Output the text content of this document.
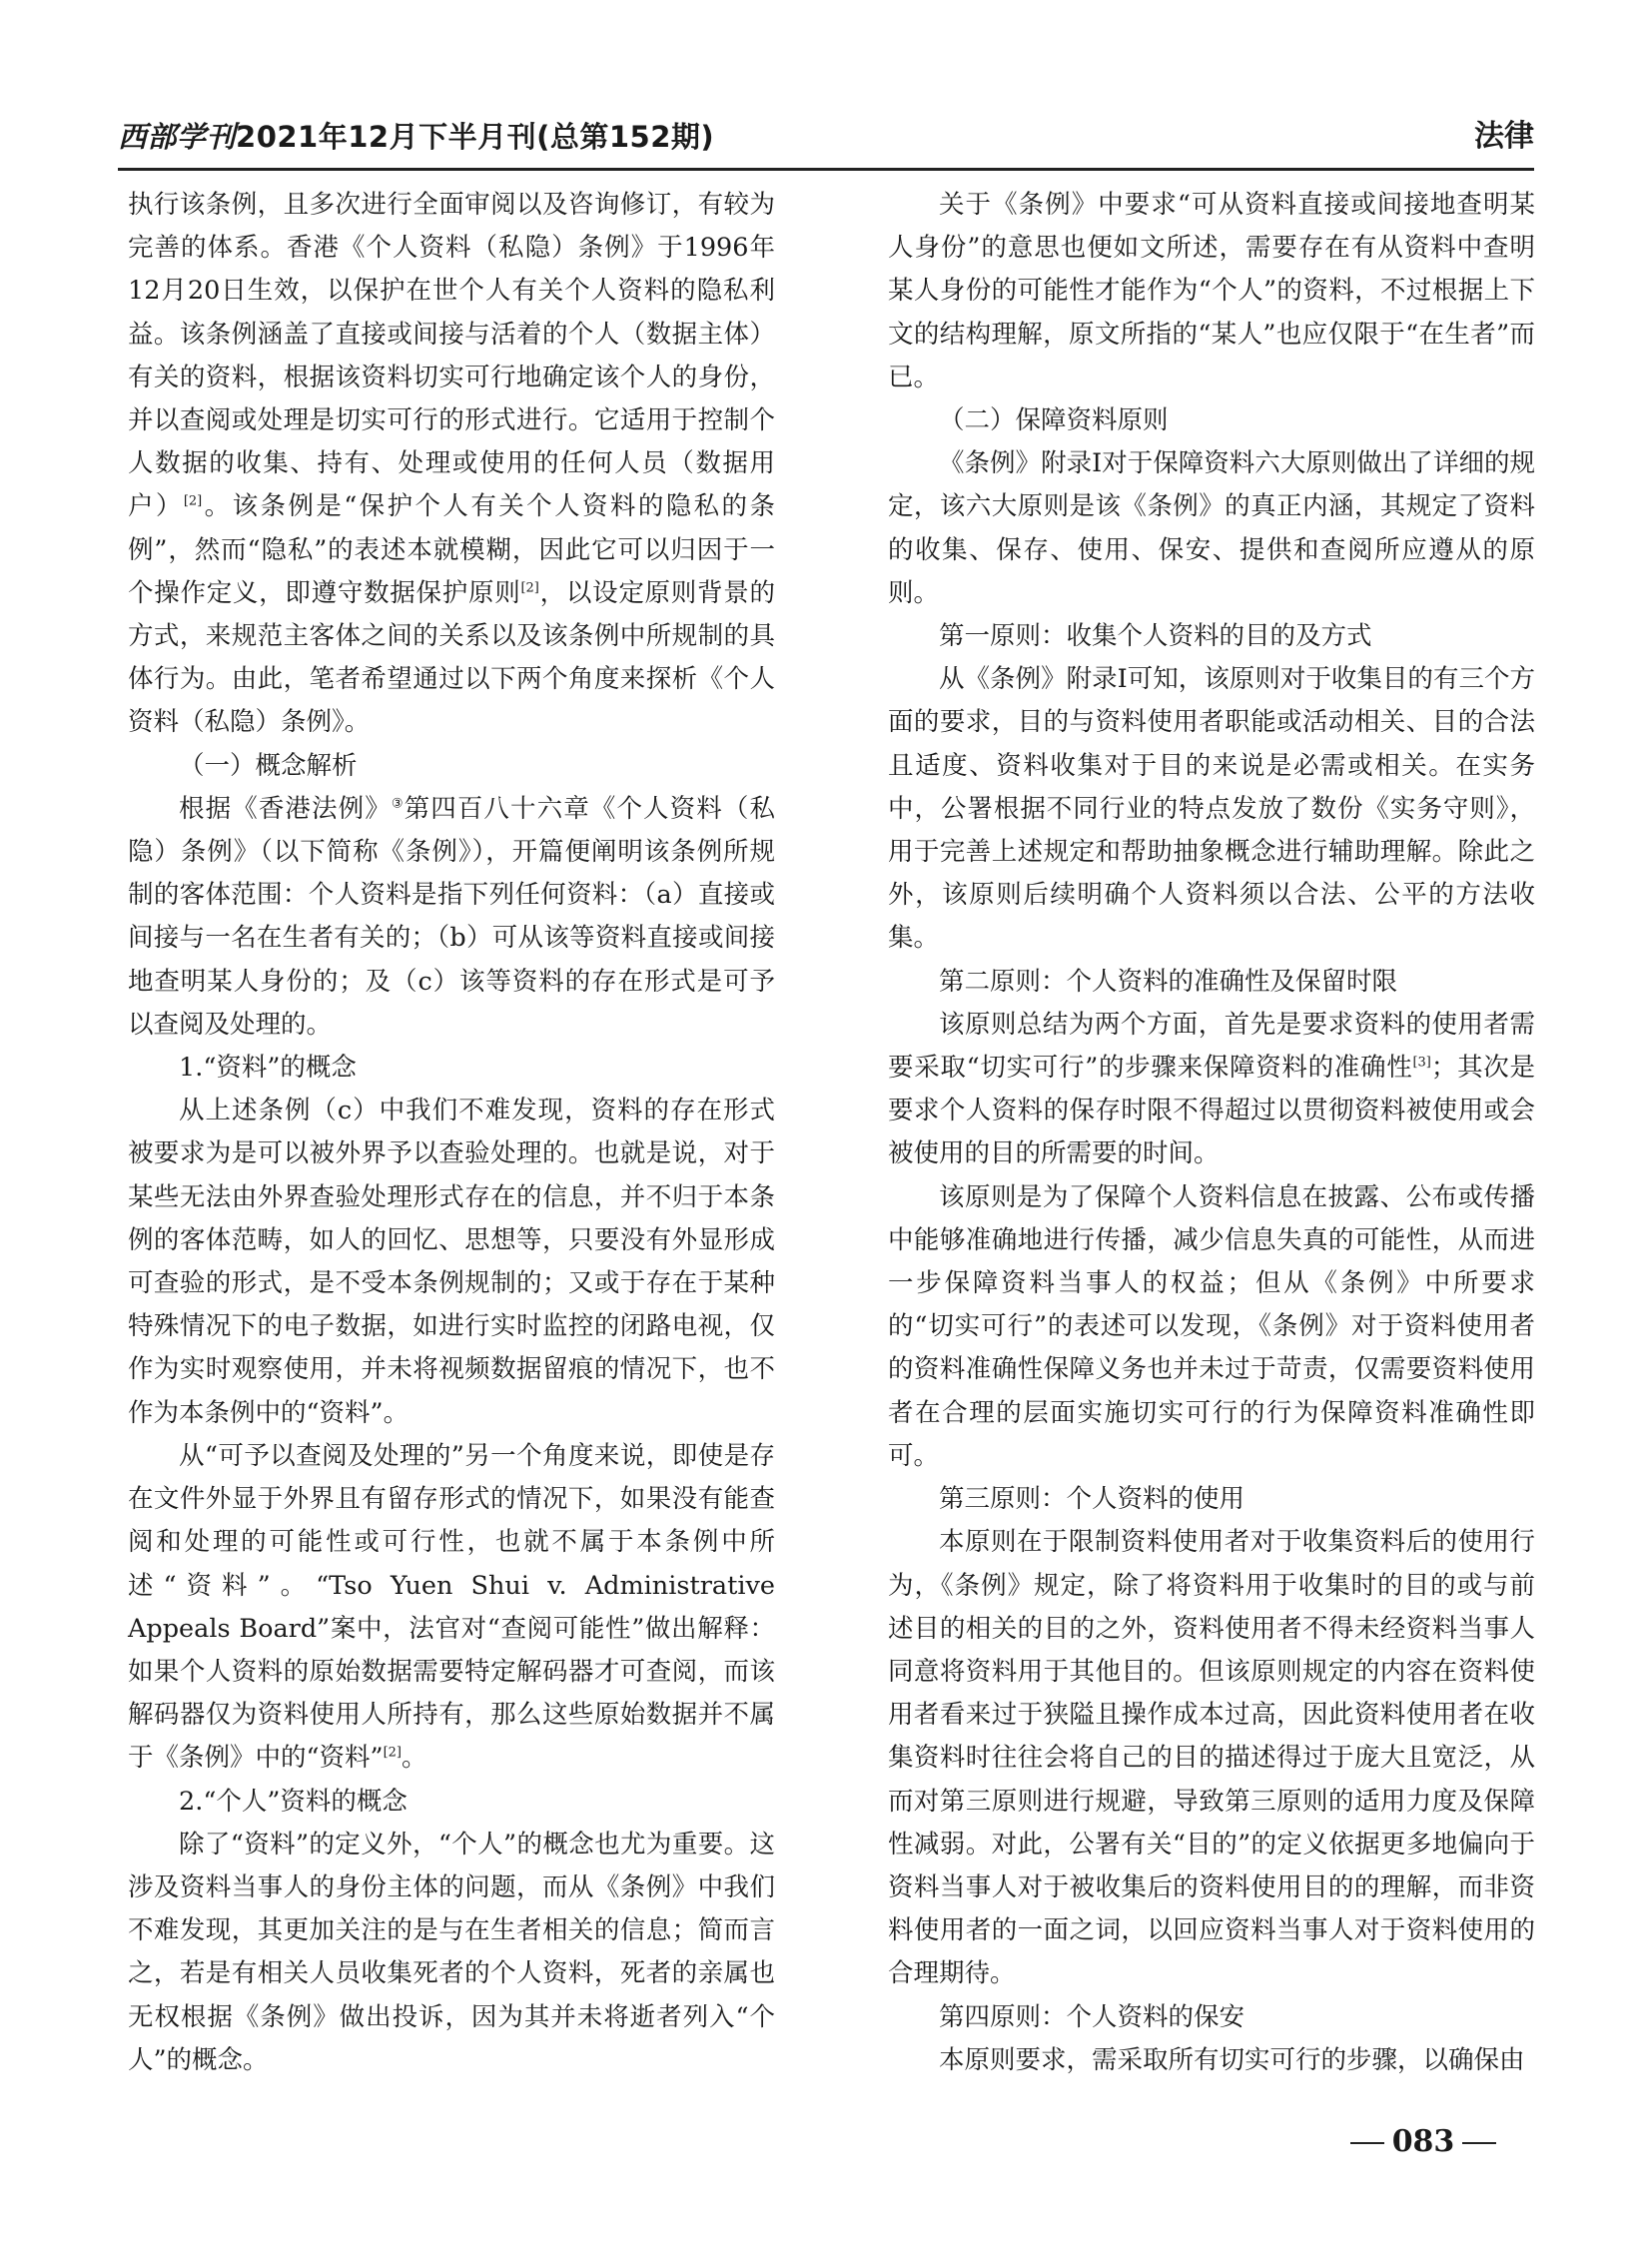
西部学刊2021年12月下半月刊(总第152期)	法律

执行该条例，且多次进行全面审阅以及咨询修订，有较为完善的体系。香港《个人资料（私隐）条例》于1996年12月20日生效，以保护在世个人有关个人资料的隐私利益。该条例涵盖了直接或间接与活着的个人（数据主体）有关的资料，根据该资料切实可行地确定该个人的身份，并以查阅或处理是切实可行的形式进行。它适用于控制个人数据的收集、持有、处理或使用的任何人员（数据用户）[2]。该条例是“保护个人有关个人资料的隐私的条例”，然而“隐私”的表述本就模糊，因此它可以归因于一个操作定义，即遵守数据保护原则[2]，以设定原则背景的方式，来规范主客体之间的关系以及该条例中所规制的具体行为。由此，笔者希望通过以下两个角度来探析《个人资料（私隐）条例》。

（一）概念解析

根据《香港法例》③第四百八十六章《个人资料（私隐）条例》（以下简称《条例》），开篇便阐明该条例所规制的客体范围：个人资料是指下列任何资料：（a）直接或间接与一名在生者有关的；（b）可从该等资料直接或间接地查明某人身份的；及（c）该等资料的存在形式是可予以查阅及处理的。

1.“资料”的概念

从上述条例（c）中我们不难发现，资料的存在形式被要求为是可以被外界予以查验处理的。也就是说，对于某些无法由外界查验处理形式存在的信息，并不归于本条例的客体范畴，如人的回忆、思想等，只要没有外显形成可查验的形式，是不受本条例规制的；又或于存在于某种特殊情况下的电子数据，如进行实时监控的闭路电视，仅作为实时观察使用，并未将视频数据留痕的情况下，也不作为本条例中的“资料”。

从“可予以查阅及处理的”另一个角度来说，即使是存在文件外显于外界且有留存形式的情况下，如果没有能查阅和处理的可能性或可行性，也就不属于本条例中所述“资料”。“Tso Yuen Shui v. Administrative Appeals Board”案中，法官对“查阅可能性”做出解释：如果个人资料的原始数据需要特定解码器才可查阅，而该解码器仅为资料使用人所持有，那么这些原始数据并不属于《条例》中的“资料”[2]。

2.“个人”资料的概念

除了“资料”的定义外，“个人”的概念也尤为重要。这涉及资料当事人的身份主体的问题，而从《条例》中我们不难发现，其更加关注的是与在生者相关的信息；简而言之，若是有相关人员收集死者的个人资料，死者的亲属也无权根据《条例》做出投诉，因为其并未将逝者列入“个人”的概念。

关于《条例》中要求“可从资料直接或间接地查明某人身份”的意思也便如文所述，需要存在有从资料中查明某人身份的可能性才能作为“个人”的资料，不过根据上下文的结构理解，原文所指的“某人”也应仅限于“在生者”而已。

（二）保障资料原则

《条例》附录I对于保障资料六大原则做出了详细的规定，该六大原则是该《条例》的真正内涵，其规定了资料的收集、保存、使用、保安、提供和查阅所应遵从的原则。

第一原则：收集个人资料的目的及方式

从《条例》附录I可知，该原则对于收集目的有三个方面的要求，目的与资料使用者职能或活动相关、目的合法且适度、资料收集对于目的来说是必需或相关。在实务中，公署根据不同行业的特点发放了数份《实务守则》，用于完善上述规定和帮助抽象概念进行辅助理解。除此之外，该原则后续明确个人资料须以合法、公平的方法收集。

第二原则：个人资料的准确性及保留时限

该原则总结为两个方面，首先是要求资料的使用者需要采取“切实可行”的步骤来保障资料的准确性[3]；其次是要求个人资料的保存时限不得超过以贯彻资料被使用或会被使用的目的所需要的时间。

该原则是为了保障个人资料信息在披露、公布或传播中能够准确地进行传播，减少信息失真的可能性，从而进一步保障资料当事人的权益；但从《条例》中所要求的“切实可行”的表述可以发现，《条例》对于资料使用者的资料准确性保障义务也并未过于苛责，仅需要资料使用者在合理的层面实施切实可行的行为保障资料准确性即可。

第三原则：个人资料的使用

本原则在于限制资料使用者对于收集资料后的使用行为，《条例》规定，除了将资料用于收集时的目的或与前述目的相关的目的之外，资料使用者不得未经资料当事人同意将资料用于其他目的。但该原则规定的内容在资料使用者看来过于狭隘且操作成本过高，因此资料使用者在收集资料时往往会将自己的目的描述得过于庞大且宽泛，从而对第三原则进行规避，导致第三原则的适用力度及保障性减弱。对此，公署有关“目的”的定义依据更多地偏向于资料当事人对于被收集后的资料使用目的的理解，而非资料使用者的一面之词，以回应资料当事人对于资料使用的合理期待。

第四原则：个人资料的保安

本原则要求，需采取所有切实可行的步骤，以确保由

083
